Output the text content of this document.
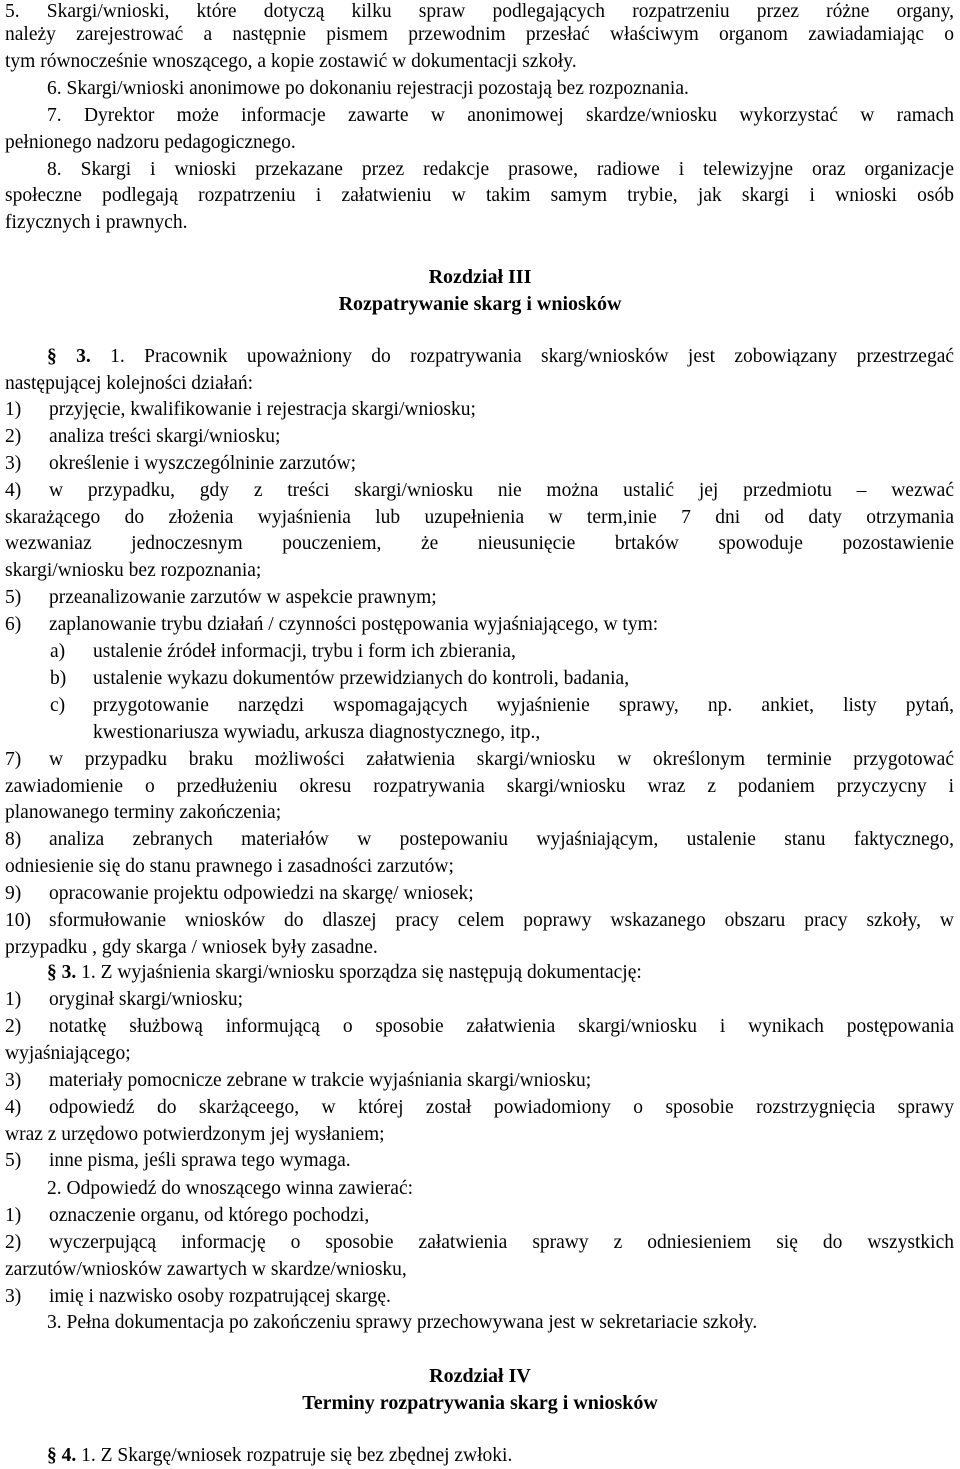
5. Skargi/wnioski, które dotyczą kilku spraw podlegających rozpatrzeniu przez różne organy,
należy zarejestrować a następnie pismem przewodnim przesłać właściwym organom zawiadamiając o
tym równocześnie wnoszącego, a kopie zostawić w dokumentacji szkoły.
6. Skargi/wnioski anonimowe po dokonaniu rejestracji pozostają bez rozpoznania.
7. Dyrektor może informacje zawarte w anonimowej skardze/wniosku wykorzystać w ramach
pełnionego nadzoru pedagogicznego.
8. Skargi i wnioski przekazane przez redakcje prasowe, radiowe i telewizyjne oraz organizacje
społeczne podlegają rozpatrzeniu i załatwieniu w takim samym trybie, jak skargi i wnioski osób
fizycznych i prawnych.
Rozdział III
Rozpatrywanie skarg i wniosków
§ 3. 1. Pracownik upoważniony do rozpatrywania skarg/wniosków jest zobowiązany przestrzegać
następującej kolejności działań:
1) przyjęcie, kwalifikowanie i rejestracja skargi/wniosku;
2) analiza treści skargi/wniosku;
3) określenie i wyszczególninie zarzutów;
4) w przypadku, gdy z treści skargi/wniosku nie można ustalić jej przedmiotu – wezwać
skarażącego do złożenia wyjaśnienia lub uzupełnienia w term,inie 7 dni od daty otrzymania
wezwaniaz jednoczesnym pouczeniem, że nieusunięcie brtaków spowoduje pozostawienie
skargi/wniosku bez rozpoznania;
5) przeanalizowanie zarzutów w aspekcie prawnym;
6) zaplanowanie trybu działań / czynności postępowania wyjaśniającego, w tym:
a) ustalenie źródeł informacji, trybu i form ich zbierania,
b) ustalenie wykazu dokumentów przewidzianych do kontroli, badania,
c) przygotowanie narzędzi wspomagających wyjaśnienie sprawy, np. ankiet, listy pytań,
kwestionariusza wywiadu, arkusza diagnostycznego, itp.,
7) w przypadku braku możliwości załatwienia skargi/wniosku w określonym terminie przygotować
zawiadomienie o przedłużeniu okresu rozpatrywania skargi/wniosku wraz z podaniem przyczycny i
planowanego terminy zakończenia;
8) analiza zebranych materiałów w postepowaniu wyjaśniającym, ustalenie stanu faktycznego,
odniesienie się do stanu prawnego i zasadności zarzutów;
9) opracowanie projektu odpowiedzi na skargę/ wniosek;
10) sformułowanie wniosków do dlaszej pracy celem poprawy wskazanego obszaru pracy szkoły, w
przypadku , gdy skarga / wniosek były zasadne.
§ 3. 1. Z wyjaśnienia skargi/wniosku sporządza się następują dokumentację:
1) oryginał skargi/wniosku;
2) notatkę służbową informującą o sposobie załatwienia skargi/wniosku i wynikach postępowania
wyjaśniającego;
3) materiały pomocnicze zebrane w trakcie wyjaśniania skargi/wniosku;
4) odpowiedź do skarżąceego, w której został powiadomiony o sposobie rozstrzygnięcia sprawy
wraz z urzędowo potwierdzonym jej wysłaniem;
5) inne pisma, jeśli sprawa tego wymaga.
2. Odpowiedź do wnoszącego winna zawierać:
1) oznaczenie organu, od którego pochodzi,
2) wyczerpującą informację o sposobie załatwienia sprawy z odniesieniem się do wszystkich
zarzutów/wniosków zawartych w skardze/wniosku,
3) imię i nazwisko osoby rozpatrującej skargę.
3. Pełna dokumentacja po zakończeniu sprawy przechowywana jest w sekretariacie szkoły.
Rozdział IV
Terminy rozpatrywania skarg i wniosków
§ 4. 1. Z Skargę/wniosek rozpatruje się bez zbędnej zwłoki.
